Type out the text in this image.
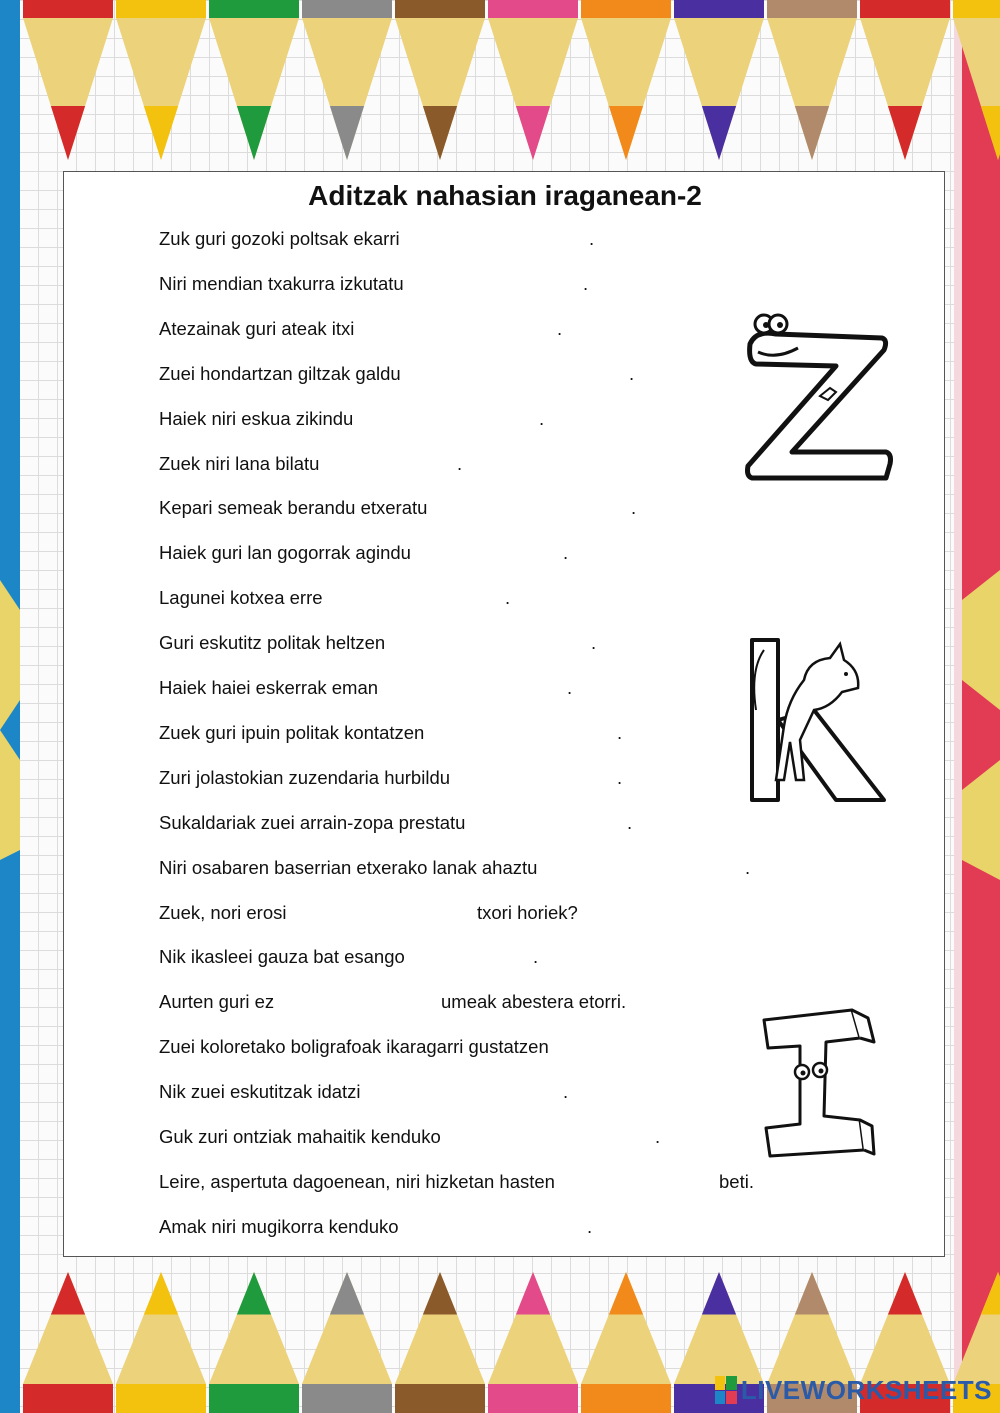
Aditzak nahasian iraganean-2
Zuk guri gozoki poltsak ekarri	.
Niri mendian txakurra izkutatu	.
Atezainak guri ateak itxi	.
Zuei hondartzan giltzak galdu	.
Haiek niri eskua zikindu	.
Zuek niri lana bilatu	.
Kepari semeak berandu etxeratu	.
Haiek guri lan gogorrak agindu	.
Lagunei kotxea erre	.
Guri eskutitz politak heltzen	.
Haiek haiei eskerrak eman	.
Zuek guri ipuin politak kontatzen	.
Zuri jolastokian zuzendaria hurbildu	.
Sukaldariak zuei arrain-zopa prestatu	.
Niri osabaren baserrian etxerako lanak ahaztu	.
Zuek, nori erosi	txori horiek?
Nik ikasleei gauza bat esango	.
Aurten guri ez	umeak abestera etorri.
Zuei koloretako boligrafoak ikaragarri gustatzen
Nik zuei eskutitzak idatzi	.
Guk zuri ontziak mahaitik kenduko	.
Leire, aspertuta dagoenean, niri hizketan hasten	beti.
Amak niri mugikorra kenduko	.
LIVEWORKSHEETS
